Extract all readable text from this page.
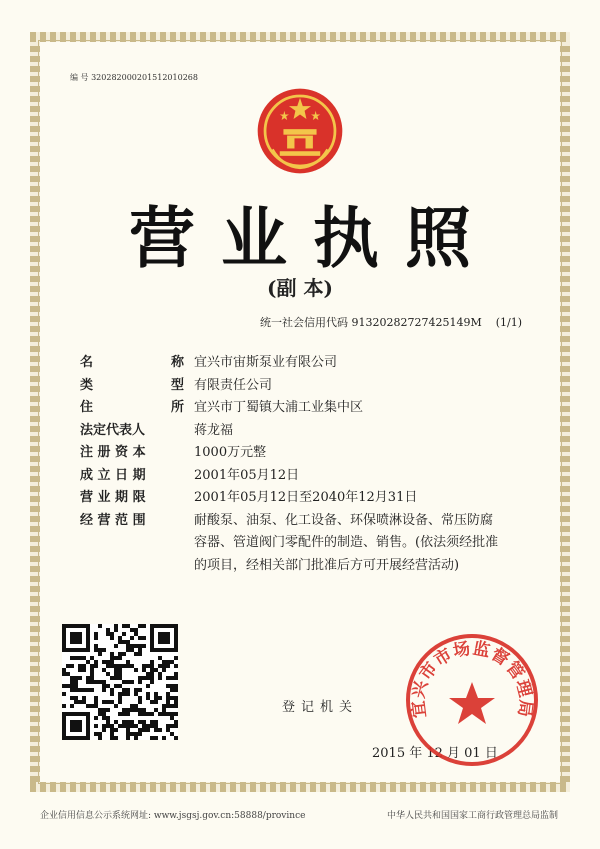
编 号 320282000201512010268
营业执照
(副 本)
统一社会信用代码 91320282727425149M (1/1)
名	称 宜兴市宙斯泵业有限公司
类	型 有限责任公司
住	所 宜兴市丁蜀镇大浦工业集中区
法定代表人	蒋龙福
注 册 资 本	1000万元整
成 立 日 期	2001年05月12日
营 业 期 限	2001年05月12日至2040年12月31日
经 营 范 围	耐酸泵、油泵、化工设备、环保喷淋设备、常压防腐容器、管道阀门零配件的制造、销售。(依法须经批准的项目，经相关部门批准后方可开展经营活动)
登记机关
2015 年 12 月 01 日
宜兴市市场监督管理局
企业信用信息公示系统网址: www.jsgsj.gov.cn:58888/province	中华人民共和国国家工商行政管理总局监制
